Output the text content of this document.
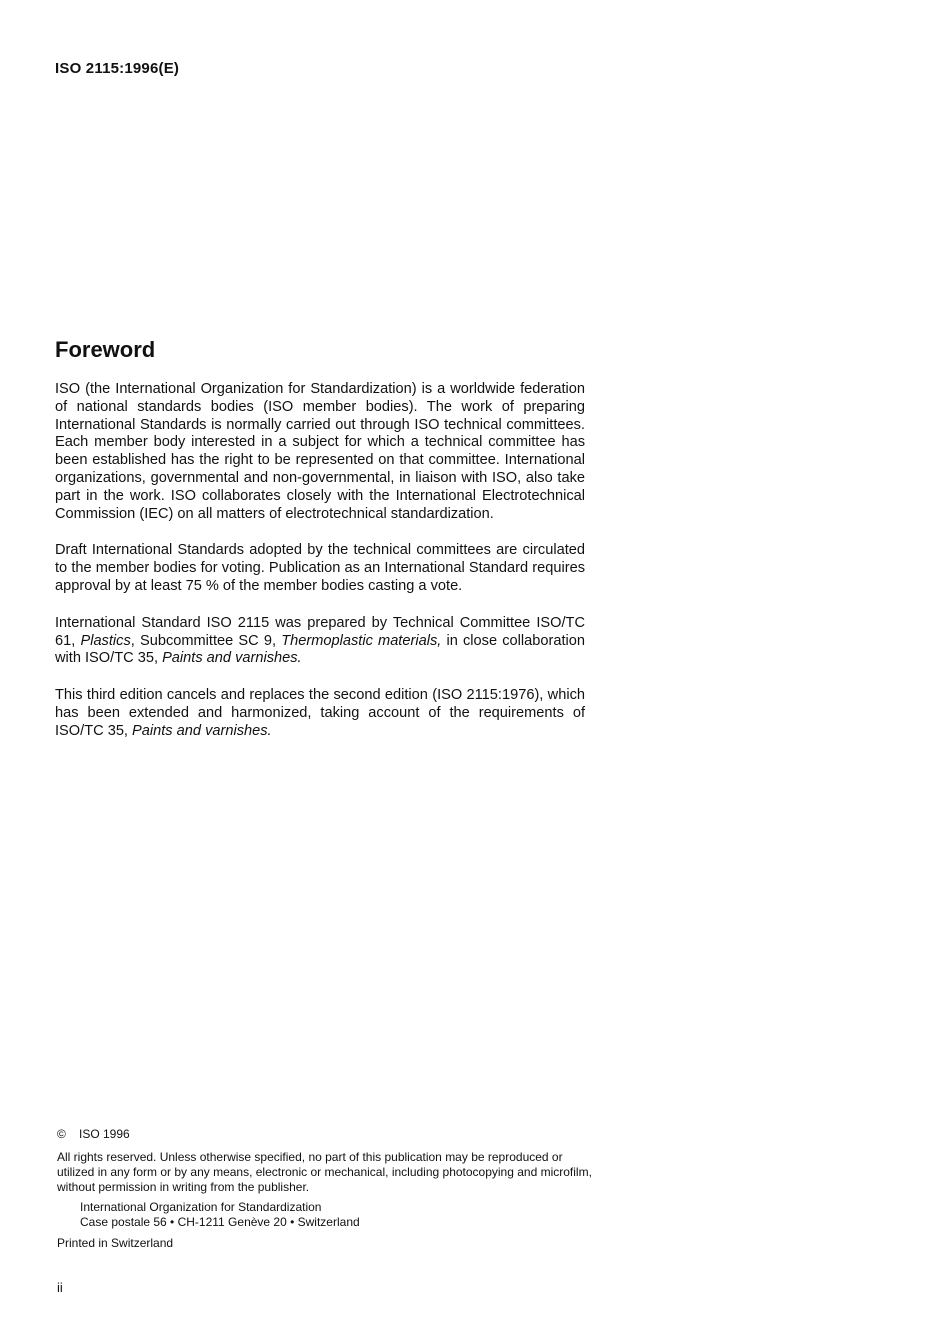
ISO 2115:1996(E)
Foreword

ISO (the International Organization for Standardization) is a worldwide federation of national standards bodies (ISO member bodies). The work of preparing International Standards is normally carried out through ISO technical committees. Each member body interested in a subject for which a technical committee has been established has the right to be represented on that committee. International organizations, governmental and non-governmental, in liaison with ISO, also take part in the work. ISO collaborates closely with the International Electrotechnical Commission (IEC) on all matters of electrotechnical standardization.

Draft International Standards adopted by the technical committees are circulated to the member bodies for voting. Publication as an International Standard requires approval by at least 75 % of the member bodies casting a vote.

International Standard ISO 2115 was prepared by Technical Committee ISO/TC 61, Plastics, Subcommittee SC 9, Thermoplastic materials, in close collaboration with ISO/TC 35, Paints and varnishes.

This third edition cancels and replaces the second edition (ISO 2115:1976), which has been extended and harmonized, taking account of the requirements of ISO/TC 35, Paints and varnishes.

© ISO 1996
All rights reserved. Unless otherwise specified, no part of this publication may be reproduced or utilized in any form or by any means, electronic or mechanical, including photocopying and microfilm, without permission in writing from the publisher.
International Organization for Standardization
Case postale 56 • CH-1211 Genève 20 • Switzerland
Printed in Switzerland
ii
